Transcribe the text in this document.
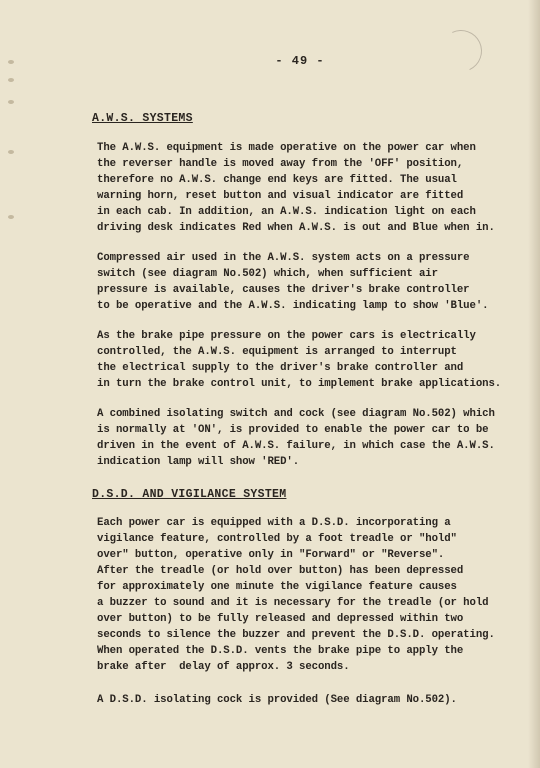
- 49 -
A.W.S. SYSTEMS
The A.W.S. equipment is made operative on the power car when
the reverser handle is moved away from the 'OFF' position,
therefore no A.W.S. change end keys are fitted. The usual
warning horn, reset button and visual indicator are fitted
in each cab. In addition, an A.W.S. indication light on each
driving desk indicates Red when A.W.S. is out and Blue when in.
Compressed air used in the A.W.S. system acts on a pressure
switch (see diagram No.502) which, when sufficient air
pressure is available, causes the driver's brake controller
to be operative and the A.W.S. indicating lamp to show 'Blue'.
As the brake pipe pressure on the power cars is electrically
controlled, the A.W.S. equipment is arranged to interrupt
the electrical supply to the driver's brake controller and
in turn the brake control unit, to implement brake applications.
A combined isolating switch and cock (see diagram No.502) which
is normally at 'ON', is provided to enable the power car to be
driven in the event of A.W.S. failure, in which case the A.W.S.
indication lamp will show 'RED'.
D.S.D. AND VIGILANCE SYSTEM
Each power car is equipped with a D.S.D. incorporating a
vigilance feature, controlled by a foot treadle or "hold"
over" button, operative only in "Forward" or "Reverse".
After the treadle (or hold over button) has been depressed
for approximately one minute the vigilance feature causes
a buzzer to sound and it is necessary for the treadle (or hold
over button) to be fully released and depressed within two
seconds to silence the buzzer and prevent the D.S.D. operating.
When operated the D.S.D. vents the brake pipe to apply the
brake after  delay of approx. 3 seconds.
A D.S.D. isolating cock is provided (See diagram No.502).
